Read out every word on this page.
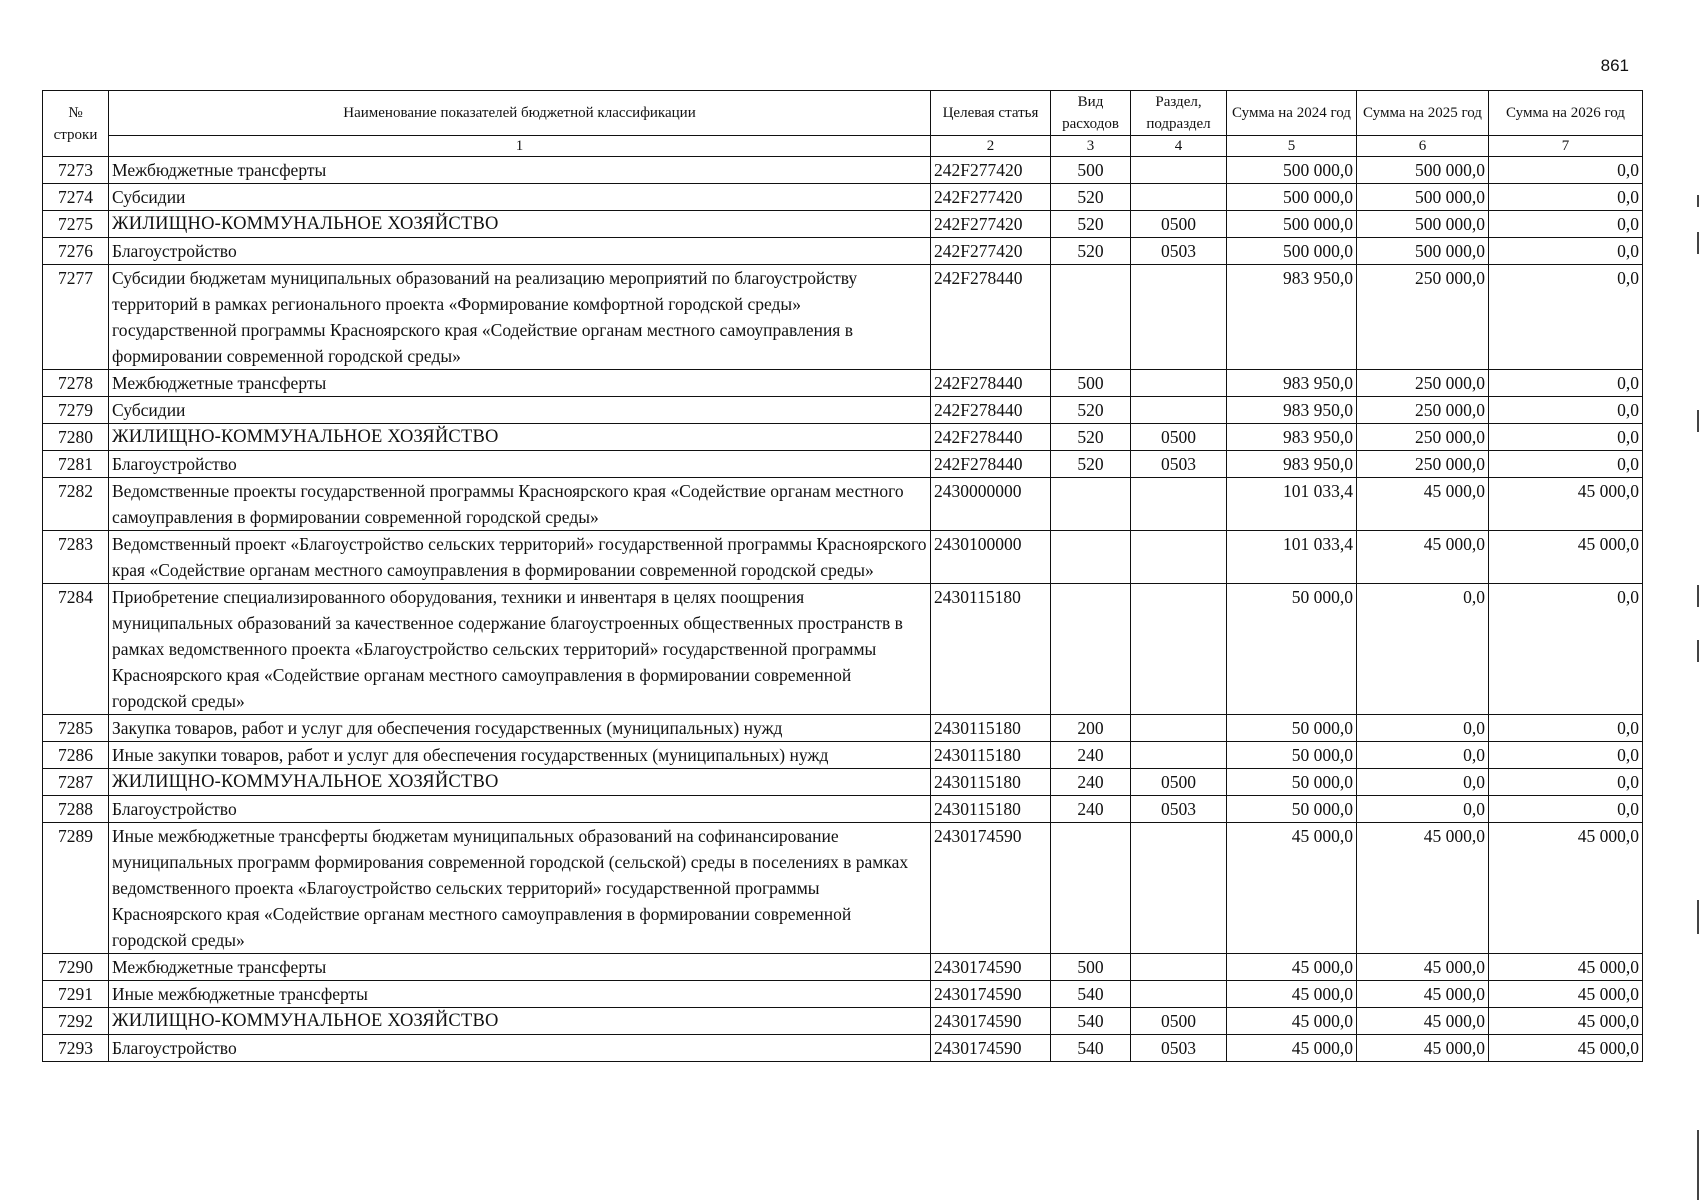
861
№ строки	Наименование показателей бюджетной классификации	Целевая статья	Вид расходов	Раздел, подраздел	Сумма на 2024 год	Сумма на 2025 год	Сумма на 2026 год
	1	2	3	4	5	6	7
7273	Межбюджетные трансферты	242F277420	500		500 000,0	500 000,0	0,0
7274	Субсидии	242F277420	520		500 000,0	500 000,0	0,0
7275	ЖИЛИЩНО-КОММУНАЛЬНОЕ ХОЗЯЙСТВО	242F277420	520	0500	500 000,0	500 000,0	0,0
7276	Благоустройство	242F277420	520	0503	500 000,0	500 000,0	0,0
7277	Субсидии бюджетам муниципальных образований на реализацию мероприятий по благоустройству территорий в рамках регионального проекта «Формирование комфортной городской среды» государственной программы Красноярского края «Содействие органам местного самоуправления в формировании современной городской среды»	242F278440			983 950,0	250 000,0	0,0
7278	Межбюджетные трансферты	242F278440	500		983 950,0	250 000,0	0,0
7279	Субсидии	242F278440	520		983 950,0	250 000,0	0,0
7280	ЖИЛИЩНО-КОММУНАЛЬНОЕ ХОЗЯЙСТВО	242F278440	520	0500	983 950,0	250 000,0	0,0
7281	Благоустройство	242F278440	520	0503	983 950,0	250 000,0	0,0
7282	Ведомственные проекты государственной программы Красноярского края «Содействие органам местного самоуправления в формировании современной городской среды»	2430000000			101 033,4	45 000,0	45 000,0
7283	Ведомственный проект «Благоустройство сельских территорий» государственной программы Красноярского края «Содействие органам местного самоуправления в формировании современной городской среды»	2430100000			101 033,4	45 000,0	45 000,0
7284	Приобретение специализированного оборудования, техники и инвентаря в целях поощрения муниципальных образований за качественное содержание благоустроенных общественных пространств в рамках ведомственного проекта «Благоустройство сельских территорий» государственной программы Красноярского края «Содействие органам местного самоуправления в формировании современной городской среды»	2430115180			50 000,0	0,0	0,0
7285	Закупка товаров, работ и услуг для обеспечения государственных (муниципальных) нужд	2430115180	200		50 000,0	0,0	0,0
7286	Иные закупки товаров, работ и услуг для обеспечения государственных (муниципальных) нужд	2430115180	240		50 000,0	0,0	0,0
7287	ЖИЛИЩНО-КОММУНАЛЬНОЕ ХОЗЯЙСТВО	2430115180	240	0500	50 000,0	0,0	0,0
7288	Благоустройство	2430115180	240	0503	50 000,0	0,0	0,0
7289	Иные межбюджетные трансферты бюджетам муниципальных образований на софинансирование муниципальных программ формирования современной городской (сельской) среды в поселениях в рамках ведомственного проекта «Благоустройство сельских территорий» государственной программы Красноярского края «Содействие органам местного самоуправления в формировании современной городской среды»	2430174590			45 000,0	45 000,0	45 000,0
7290	Межбюджетные трансферты	2430174590	500		45 000,0	45 000,0	45 000,0
7291	Иные межбюджетные трансферты	2430174590	540		45 000,0	45 000,0	45 000,0
7292	ЖИЛИЩНО-КОММУНАЛЬНОЕ ХОЗЯЙСТВО	2430174590	540	0500	45 000,0	45 000,0	45 000,0
7293	Благоустройство	2430174590	540	0503	45 000,0	45 000,0	45 000,0
